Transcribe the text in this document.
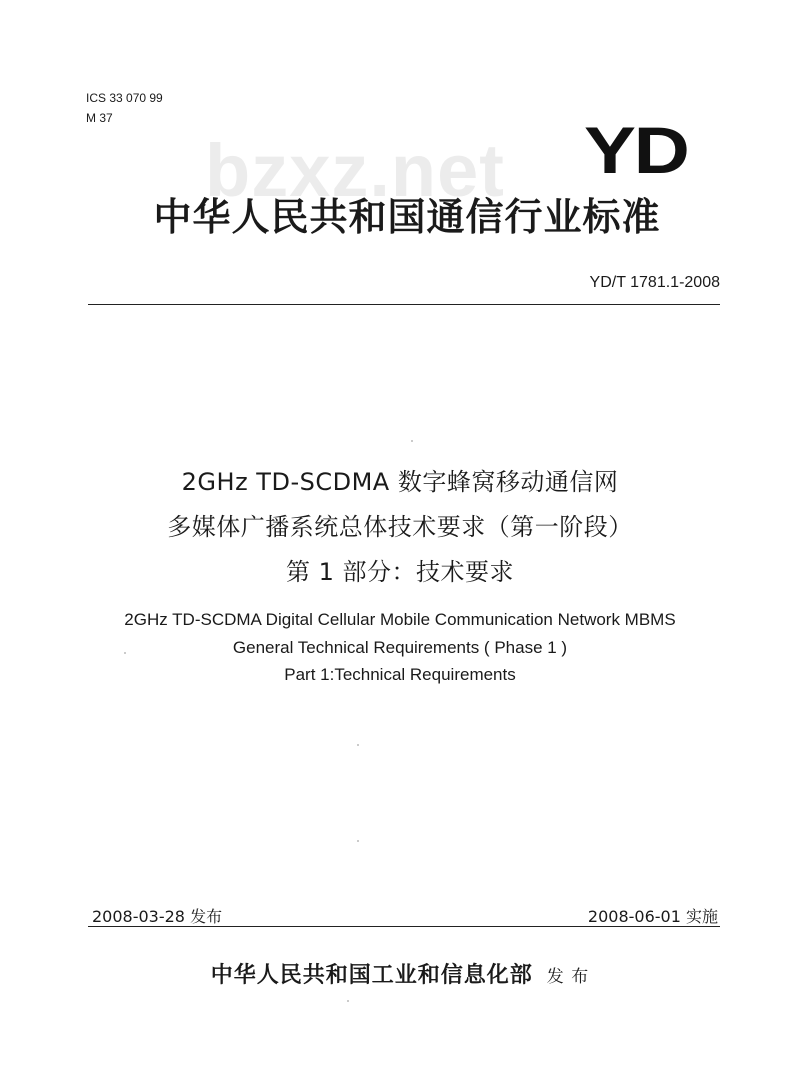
ICS 33 070 99
M 37
bzxz.net YD
中华人民共和国通信行业标准
YD/T 1781.1-2008
2GHz TD-SCDMA 数字蜂窝移动通信网
多媒体广播系统总体技术要求（第一阶段）
第 1 部分：技术要求
2GHz TD-SCDMA Digital Cellular Mobile Communication Network MBMS
General Technical Requirements ( Phase 1 )
Part 1:Technical Requirements
2008-03-28 发布	2008-06-01 实施
中华人民共和国工业和信息化部 发 布
